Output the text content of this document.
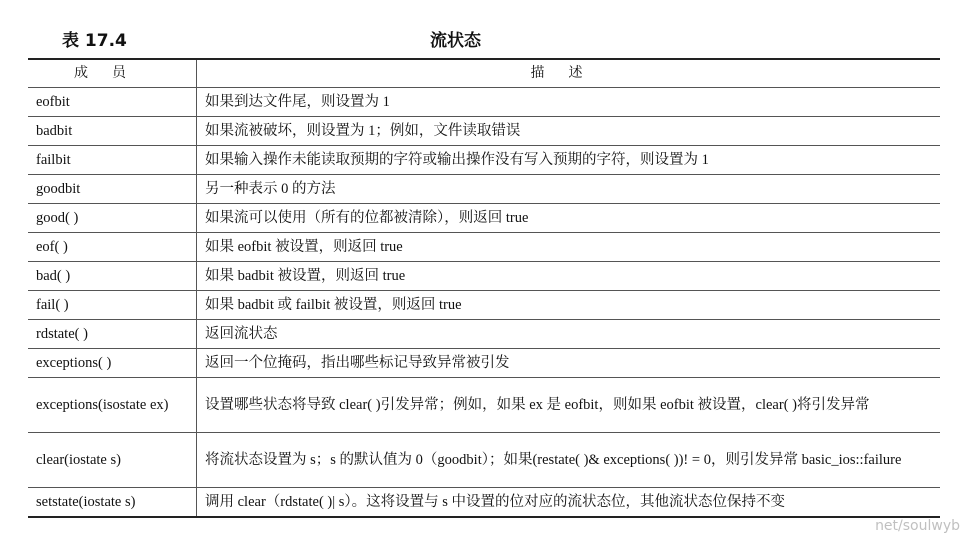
表 17.4	流状态
成员	描述
eofbit	如果到达文件尾，则设置为 1
badbit	如果流被破坏，则设置为 1；例如，文件读取错误
failbit	如果输入操作未能读取预期的字符或输出操作没有写入预期的字符，则设置为 1
goodbit	另一种表示 0 的方法
good( )	如果流可以使用（所有的位都被清除），则返回 true
eof( )	如果 eofbit 被设置，则返回 true
bad( )	如果 badbit 被设置，则返回 true
fail( )	如果 badbit 或 failbit 被设置，则返回 true
rdstate( )	返回流状态
exceptions( )	返回一个位掩码，指出哪些标记导致异常被引发
exceptions(isostate ex)	设置哪些状态将导致 clear( )引发异常；例如，如果 ex 是 eofbit，则如果 eofbit 被设置，clear( )将引发异常
clear(iostate s)	将流状态设置为 s；s 的默认值为 0（goodbit）；如果(restate( )& exceptions( ))! = 0，则引发异常 basic_ios::failure
setstate(iostate s)	调用 clear（rdstate( )| s）。这将设置与 s 中设置的位对应的流状态位，其他流状态位保持不变
net/soulwyb
